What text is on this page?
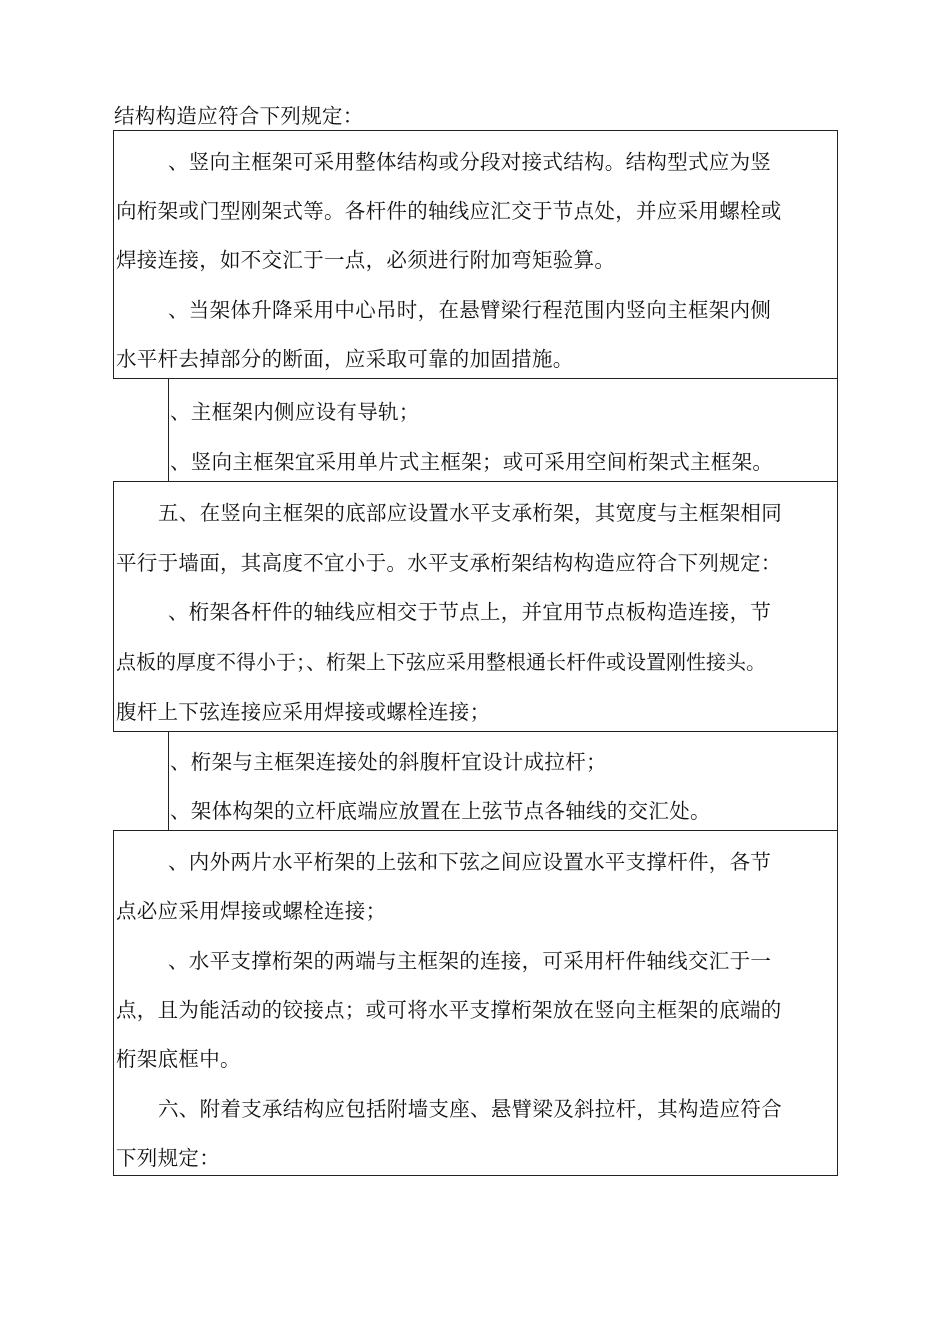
结构构造应符合下列规定：
、竖向主框架可采用整体结构或分段对接式结构。结构型式应为竖
向桁架或门型刚架式等。各杆件的轴线应汇交于节点处，并应采用螺栓或
焊接连接，如不交汇于一点，必须进行附加弯矩验算。
、当架体升降采用中心吊时，在悬臂梁行程范围内竖向主框架内侧
水平杆去掉部分的断面，应采取可靠的加固措施。
、主框架内侧应设有导轨；
、竖向主框架宜采用单片式主框架；或可采用空间桁架式主框架。
五、在竖向主框架的底部应设置水平支承桁架，其宽度与主框架相同
平行于墙面，其高度不宜小于。水平支承桁架结构构造应符合下列规定：
、桁架各杆件的轴线应相交于节点上，并宜用节点板构造连接，节
点板的厚度不得小于；、桁架上下弦应采用整根通长杆件或设置刚性接头。
腹杆上下弦连接应采用焊接或螺栓连接；
、桁架与主框架连接处的斜腹杆宜设计成拉杆；
、架体构架的立杆底端应放置在上弦节点各轴线的交汇处。
、内外两片水平桁架的上弦和下弦之间应设置水平支撑杆件，各节
点必应采用焊接或螺栓连接；
、水平支撑桁架的两端与主框架的连接，可采用杆件轴线交汇于一
点，且为能活动的铰接点；或可将水平支撑桁架放在竖向主框架的底端的
桁架底框中。
六、附着支承结构应包括附墙支座、悬臂梁及斜拉杆，其构造应符合
下列规定：
